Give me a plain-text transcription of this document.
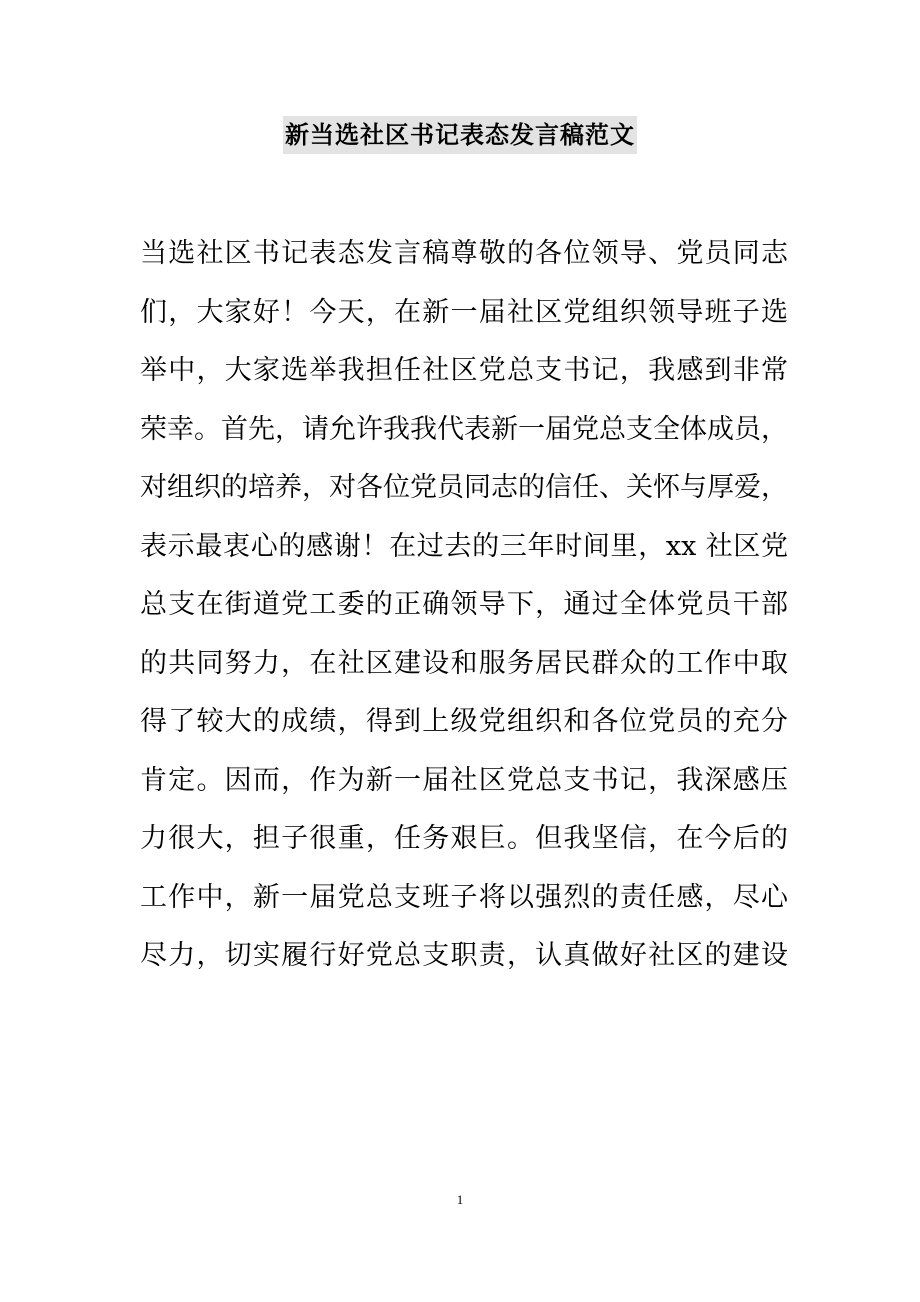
新当选社区书记表态发言稿范文
当选社区书记表态发言稿尊敬的各位领导、党员同志
们，大家好！今天，在新一届社区党组织领导班子选
举中，大家选举我担任社区党总支书记，我感到非常
荣幸。首先，请允许我我代表新一届党总支全体成员，
对组织的培养，对各位党员同志的信任、关怀与厚爱，
表示最衷心的感谢！在过去的三年时间里，xx 社区党
总支在街道党工委的正确领导下，通过全体党员干部
的共同努力，在社区建设和服务居民群众的工作中取
得了较大的成绩，得到上级党组织和各位党员的充分
肯定。因而，作为新一届社区党总支书记，我深感压
力很大，担子很重，任务艰巨。但我坚信，在今后的
工作中，新一届党总支班子将以强烈的责任感，尽心
尽力，切实履行好党总支职责，认真做好社区的建设
1
